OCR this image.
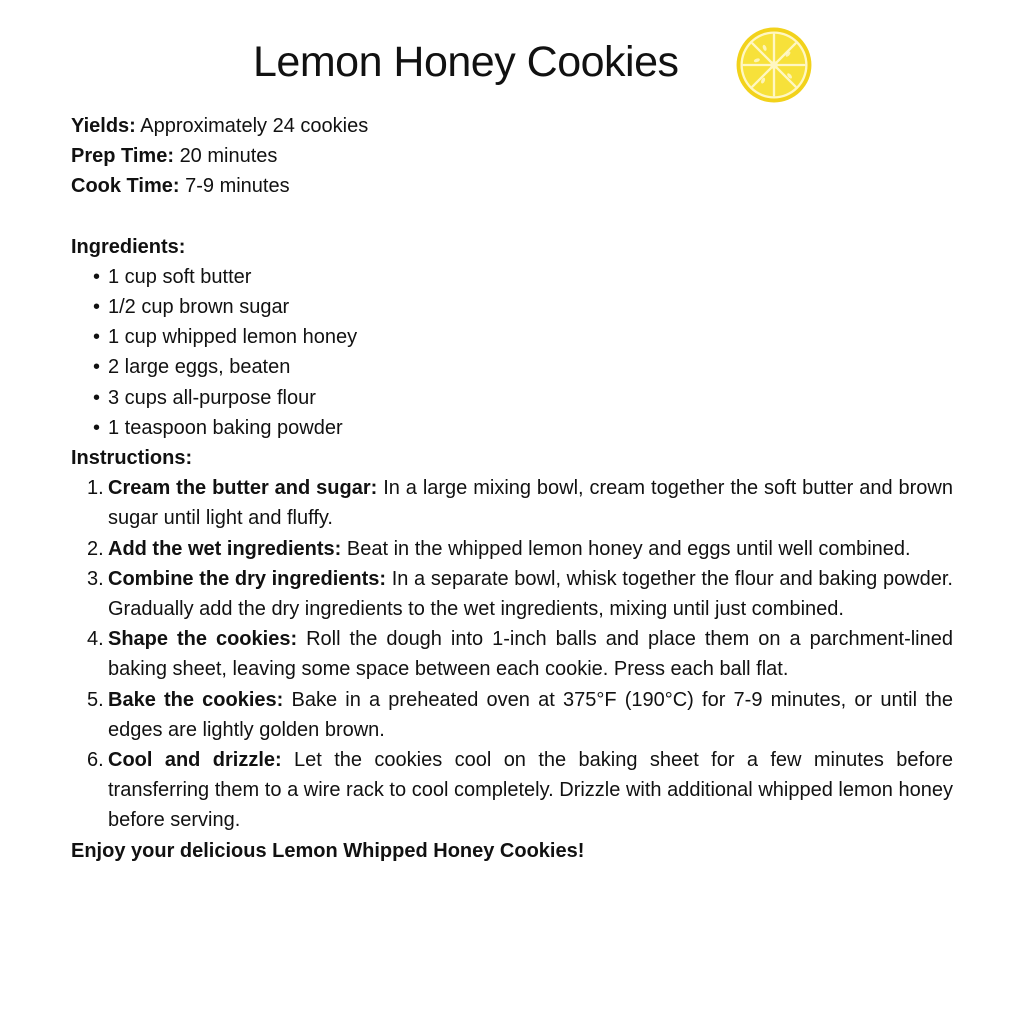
Lemon Honey Cookies
Yields: Approximately 24 cookies
Prep Time: 20 minutes
Cook Time: 7-9 minutes
Ingredients:
• 1 cup soft butter
• 1/2 cup brown sugar
• 1 cup whipped lemon honey
• 2 large eggs, beaten
• 3 cups all-purpose flour
• 1 teaspoon baking powder
Instructions:
1. Cream the butter and sugar: In a large mixing bowl, cream together the soft butter and brown sugar until light and fluffy.
2. Add the wet ingredients: Beat in the whipped lemon honey and eggs until well combined.
3. Combine the dry ingredients: In a separate bowl, whisk together the flour and baking powder. Gradually add the dry ingredients to the wet ingredients, mixing until just combined.
4. Shape the cookies: Roll the dough into 1-inch balls and place them on a parchment-lined baking sheet, leaving some space between each cookie. Press each ball flat.
5. Bake the cookies: Bake in a preheated oven at 375°F (190°C) for 7-9 minutes, or until the edges are lightly golden brown.
6. Cool and drizzle: Let the cookies cool on the baking sheet for a few minutes before transferring them to a wire rack to cool completely. Drizzle with additional whipped lemon honey before serving.
Enjoy your delicious Lemon Whipped Honey Cookies!
